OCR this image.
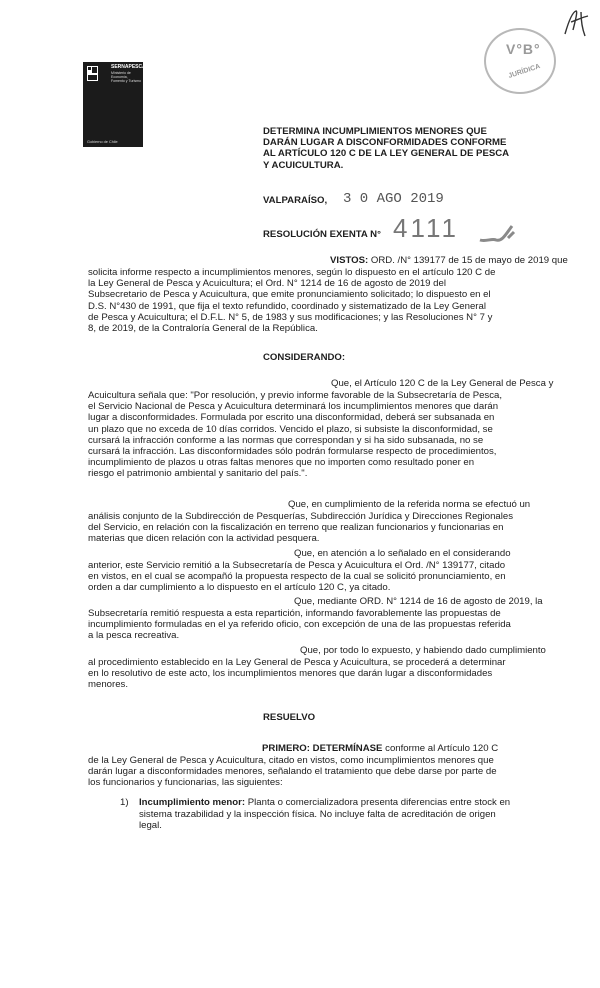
SERNAPESCA
Ministerio de Economía, Fomento y Turismo
Gobierno de Chile
V°B°
JURÍDICA
DETERMINA INCUMPLIMIENTOS MENORES QUE
DARÁN LUGAR A DISCONFORMIDADES CONFORME
AL ARTÍCULO 120 C DE LA LEY GENERAL DE PESCA
Y ACUICULTURA.
VALPARAÍSO, 3 0 AGO 2019
RESOLUCIÓN EXENTA N° 4111
VISTOS: ORD. /N° 139177 de 15 de mayo de 2019 que
solicita informe respecto a incumplimientos menores, según lo dispuesto en el artículo 120 C de
la Ley General de Pesca y Acuicultura; el Ord. N° 1214 de 16 de agosto de 2019 del
Subsecretario de Pesca y Acuicultura, que emite pronunciamiento solicitado; lo dispuesto en el
D.S. N°430 de 1991, que fija el texto refundido, coordinado y sistematizado de la Ley General
de Pesca y Acuicultura; el D.F.L. N° 5, de 1983 y sus modificaciones; y las Resoluciones N° 7 y
8, de 2019, de la Contraloría General de la República.
CONSIDERANDO:
Que, el Artículo 120 C de la Ley General de Pesca y
Acuicultura señala que: "Por resolución, y previo informe favorable de la Subsecretaría de Pesca,
el Servicio Nacional de Pesca y Acuicultura determinará los incumplimientos menores que darán
lugar a disconformidades. Formulada por escrito una disconformidad, deberá ser subsanada en
un plazo que no exceda de 10 días corridos. Vencido el plazo, si subsiste la disconformidad, se
cursará la infracción conforme a las normas que correspondan y si ha sido subsanada, no se
cursará la infracción. Las disconformidades sólo podrán formularse respecto de procedimientos,
incumplimiento de plazos u otras faltas menores que no importen como resultado poner en
riesgo el patrimonio ambiental y sanitario del país.".
Que, en cumplimiento de la referida norma se efectuó un
análisis conjunto de la Subdirección de Pesquerías, Subdirección Jurídica y Direcciones Regionales
del Servicio, en relación con la fiscalización en terreno que realizan funcionarios y funcionarias en
materias que dicen relación con la actividad pesquera.
Que, en atención a lo señalado en el considerando
anterior, este Servicio remitió a la Subsecretaría de Pesca y Acuicultura el Ord. /N° 139177, citado
en vistos, en el cual se acompañó la propuesta respecto de la cual se solicitó pronunciamiento, en
orden a dar cumplimiento a lo dispuesto en el artículo 120 C, ya citado.
Que, mediante ORD. N° 1214 de 16 de agosto de 2019, la
Subsecretaría remitió respuesta a esta repartición, informando favorablemente las propuestas de
incumplimiento formuladas en el ya referido oficio, con excepción de una de las propuestas referida
a la pesca recreativa.
Que, por todo lo expuesto, y habiendo dado cumplimiento
al procedimiento establecido en la Ley General de Pesca y Acuicultura, se procederá a determinar
en lo resolutivo de este acto, los incumplimientos menores que darán lugar a disconformidades
menores.
RESUELVO
PRIMERO: DETERMÍNASE conforme al Artículo 120 C
de la Ley General de Pesca y Acuicultura, citado en vistos, como incumplimientos menores que
darán lugar a disconformidades menores, señalando el tratamiento que debe darse por parte de
los funcionarios y funcionarias, las siguientes:
1) Incumplimiento menor: Planta o comercializadora presenta diferencias entre stock en
sistema trazabilidad y la inspección física. No incluye falta de acreditación de origen
legal.
